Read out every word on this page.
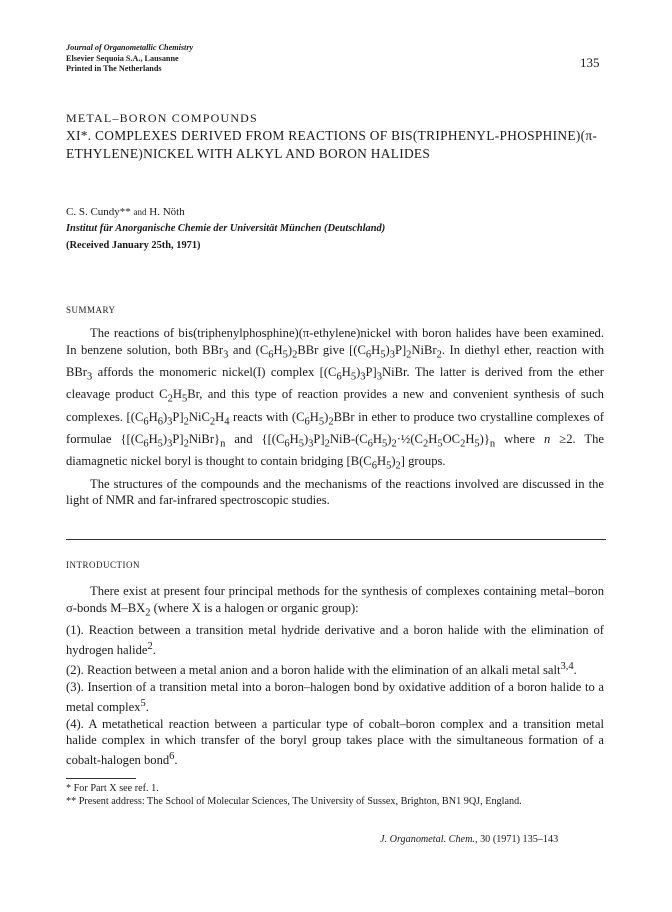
Journal of Organometallic Chemistry
Elsevier Sequoia S.A., Lausanne
Printed in The Netherlands	135
METAL–BORON COMPOUNDS
XI*. COMPLEXES DERIVED FROM REACTIONS OF BIS(TRIPHENYL-PHOSPHINE)(π-ETHYLENE)NICKEL WITH ALKYL AND BORON HALIDES
C. S. Cundy** and H. Nöth
Institut für Anorganische Chemie der Universität München (Deutschland)
(Received January 25th, 1971)
SUMMARY

The reactions of bis(triphenylphosphine)(π-ethylene)nickel with boron halides have been examined. In benzene solution, both BBr$_3$ and $(C_6H_5)_2BBr$ give $[(C_6H_5)_3P]_2NiBr_2$. In diethyl ether, reaction with BBr$_3$ affords the monomeric nickel(I) complex $[(C_6H_5)_3P]_3NiBr$. The latter is derived from the ether cleavage product $C_2H_5Br$, and this type of reaction provides a new and convenient synthesis of such complexes. $[(C_6H_6)_3P]_2NiC_2H_4$ reacts with $(C_6H_5)_2BBr$ in ether to produce two crystalline complexes of formulae $\{[(C_6H_5)_3P]_2NiBr\}_n$ and $\{[(C_6H_5)_3P]_2NiB-(C_6H_5)_2\cdot\frac{1}{2}(C_2H_5OC_2H_5)\}_n$ where n ≥2. The diamagnetic nickel boryl is thought to contain bridging $[B(C_6H_5)_2]$ groups.

The structures of the compounds and the mechanisms of the reactions involved are discussed in the light of NMR and far-infrared spectroscopic studies.

INTRODUCTION

There exist at present four principal methods for the synthesis of complexes containing metal–boron σ-bonds $M-BX_2$ (where X is a halogen or organic group):

(1). Reaction between a transition metal hydride derivative and a boron halide with the elimination of hydrogen halide$^2$.
(2). Reaction between a metal anion and a boron halide with the elimination of an alkali metal salt$^{3,4}$.
(3). Insertion of a transition metal into a boron–halogen bond by oxidative addition of a boron halide to a metal complex$^5$.
(4). A metathetical reaction between a particular type of cobalt–boron complex and a transition metal halide complex in which transfer of the boryl group takes place with the simultaneous formation of a cobalt-halogen bond$^6$.
* For Part X see ref. 1.
** Present address: The School of Molecular Sciences, The University of Sussex, Brighton, BN1 9QJ, England.
J. Organometal. Chem., 30 (1971) 135–143
